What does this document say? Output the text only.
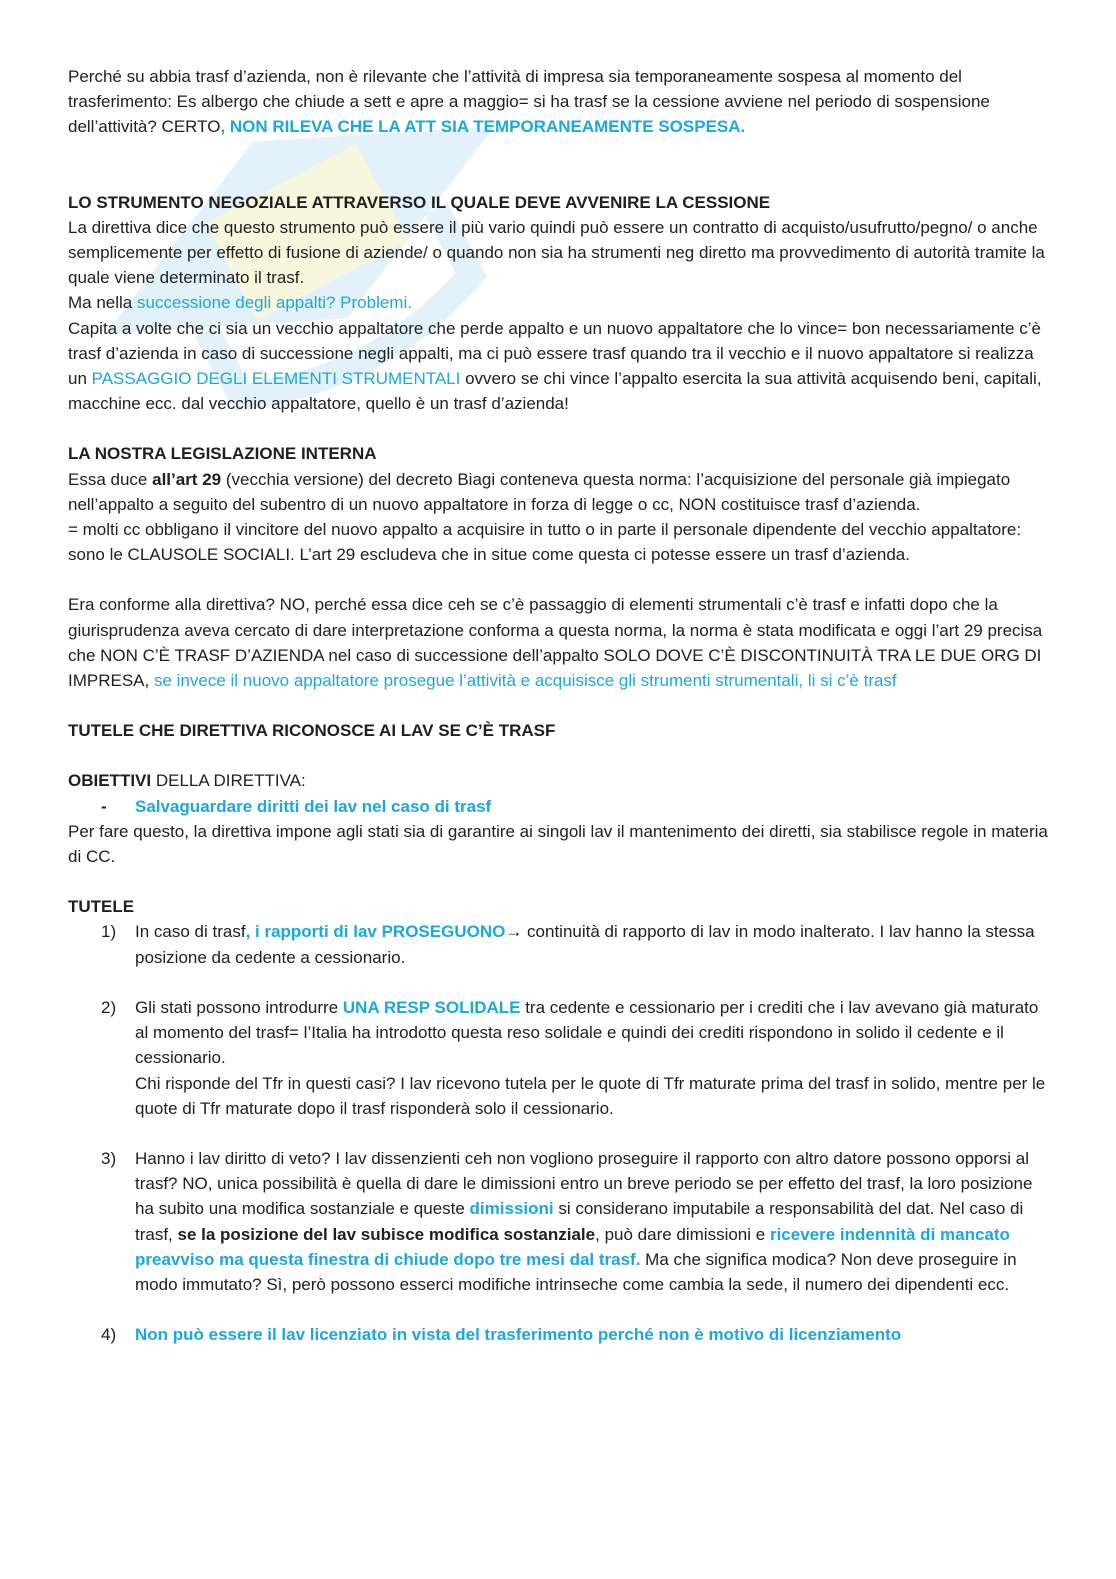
Perché su abbia trasf d’azienda, non è rilevante che l’attività di impresa sia temporaneamente sospesa al momento del trasferimento: Es albergo che chiude a sett e apre a maggio= si ha trasf se la cessione avviene nel periodo di sospensione dell’attività? CERTO, NON RILEVA CHE LA ATT SIA TEMPORANEAMENTE SOSPESA.

LO STRUMENTO NEGOZIALE ATTRAVERSO IL QUALE DEVE AVVENIRE LA CESSIONE

La direttiva dice che questo strumento può essere il più vario quindi può essere un contratto di acquisto/usufrutto/pegno/ o anche semplicemente per effetto di fusione di aziende/ o quando non sia ha strumenti neg diretto ma provvedimento di autorità tramite la quale viene determinato il trasf.

Ma nella successione degli appalti? Problemi.

Capita a volte che ci sia un vecchio appaltatore che perde appalto e un nuovo appaltatore che lo vince= bon necessariamente c’è trasf d’azienda in caso di successione negli appalti, ma ci può essere trasf quando tra il vecchio e il nuovo appaltatore si realizza un PASSAGGIO DEGLI ELEMENTI STRUMENTALI ovvero se chi vince l’appalto esercita la sua attività acquisendo beni, capitali, macchine ecc. dal vecchio appaltatore, quello è un trasf d’azienda!

LA NOSTRA LEGISLAZIONE INTERNA

Essa duce all’art 29 (vecchia versione) del decreto Biagi conteneva questa norma: l’acquisizione del personale già impiegato nell’appalto a seguito del subentro di un nuovo appaltatore in forza di legge o cc, NON costituisce trasf d’azienda.

= molti cc obbligano il vincitore del nuovo appalto a acquisire in tutto o in parte il personale dipendente del vecchio appaltatore: sono le CLAUSOLE SOCIALI. L’art 29 escludeva che in situe come questa ci potesse essere un trasf d’azienda.

Era conforme alla direttiva? NO, perché essa dice ceh se c’è passaggio di elementi strumentali c’è trasf e infatti dopo che la giurisprudenza aveva cercato di dare interpretazione conforma a questa norma, la norma è stata modificata e oggi l’art 29 precisa che NON C’È TRASF D’AZIENDA nel caso di successione dell’appalto SOLO DOVE C’È DISCONTINUITÀ TRA LE DUE ORG DI IMPRESA, se invece il nuovo appaltatore prosegue l’attività e acquisisce gli strumenti strumentali, li si c’è trasf

TUTELE CHE DIRETTIVA RICONOSCE AI LAV SE C’È TRASF

OBIETTIVI DELLA DIRETTIVA:

- Salvaguardare diritti dei lav nel caso di trasf

Per fare questo, la direttiva impone agli stati sia di garantire ai singoli lav il mantenimento dei diretti, sia stabilisce regole in materia di CC.

TUTELE

1) In caso di trasf, i rapporti di lav PROSEGUONO→ continuità di rapporto di lav in modo inalterato. I lav hanno la stessa posizione da cedente a cessionario.
2) Gli stati possono introdurre UNA RESP SOLIDALE tra cedente e cessionario per i crediti che i lav avevano già maturato al momento del trasf= l’Italia ha introdotto questa reso solidale e quindi dei crediti rispondono in solido il cedente e il cessionario.
Chi risponde del Tfr in questi casi? I lav ricevono tutela per le quote di Tfr maturate prima del trasf in solido, mentre per le quote di Tfr maturate dopo il trasf risponderà solo il cessionario.
3) Hanno i lav diritto di veto? I lav dissenzienti ceh non vogliono proseguire il rapporto con altro datore possono opporsi al trasf? NO, unica possibilità è quella di dare le dimissioni entro un breve periodo se per effetto del trasf, la loro posizione ha subito una modifica sostanziale e queste dimissioni si considerano imputabile a responsabilità del dat. Nel caso di trasf, se la posizione del lav subisce modifica sostanziale, può dare dimissioni e ricevere indennità di mancato preavviso ma questa finestra di chiude dopo tre mesi dal trasf. Ma che significa modica? Non deve proseguire in modo immutato? Sì, però possono esserci modifiche intrinseche come cambia la sede, il numero dei dipendenti ecc.
4) Non può essere il lav licenziato in vista del trasferimento perché non è motivo di licenziamento
